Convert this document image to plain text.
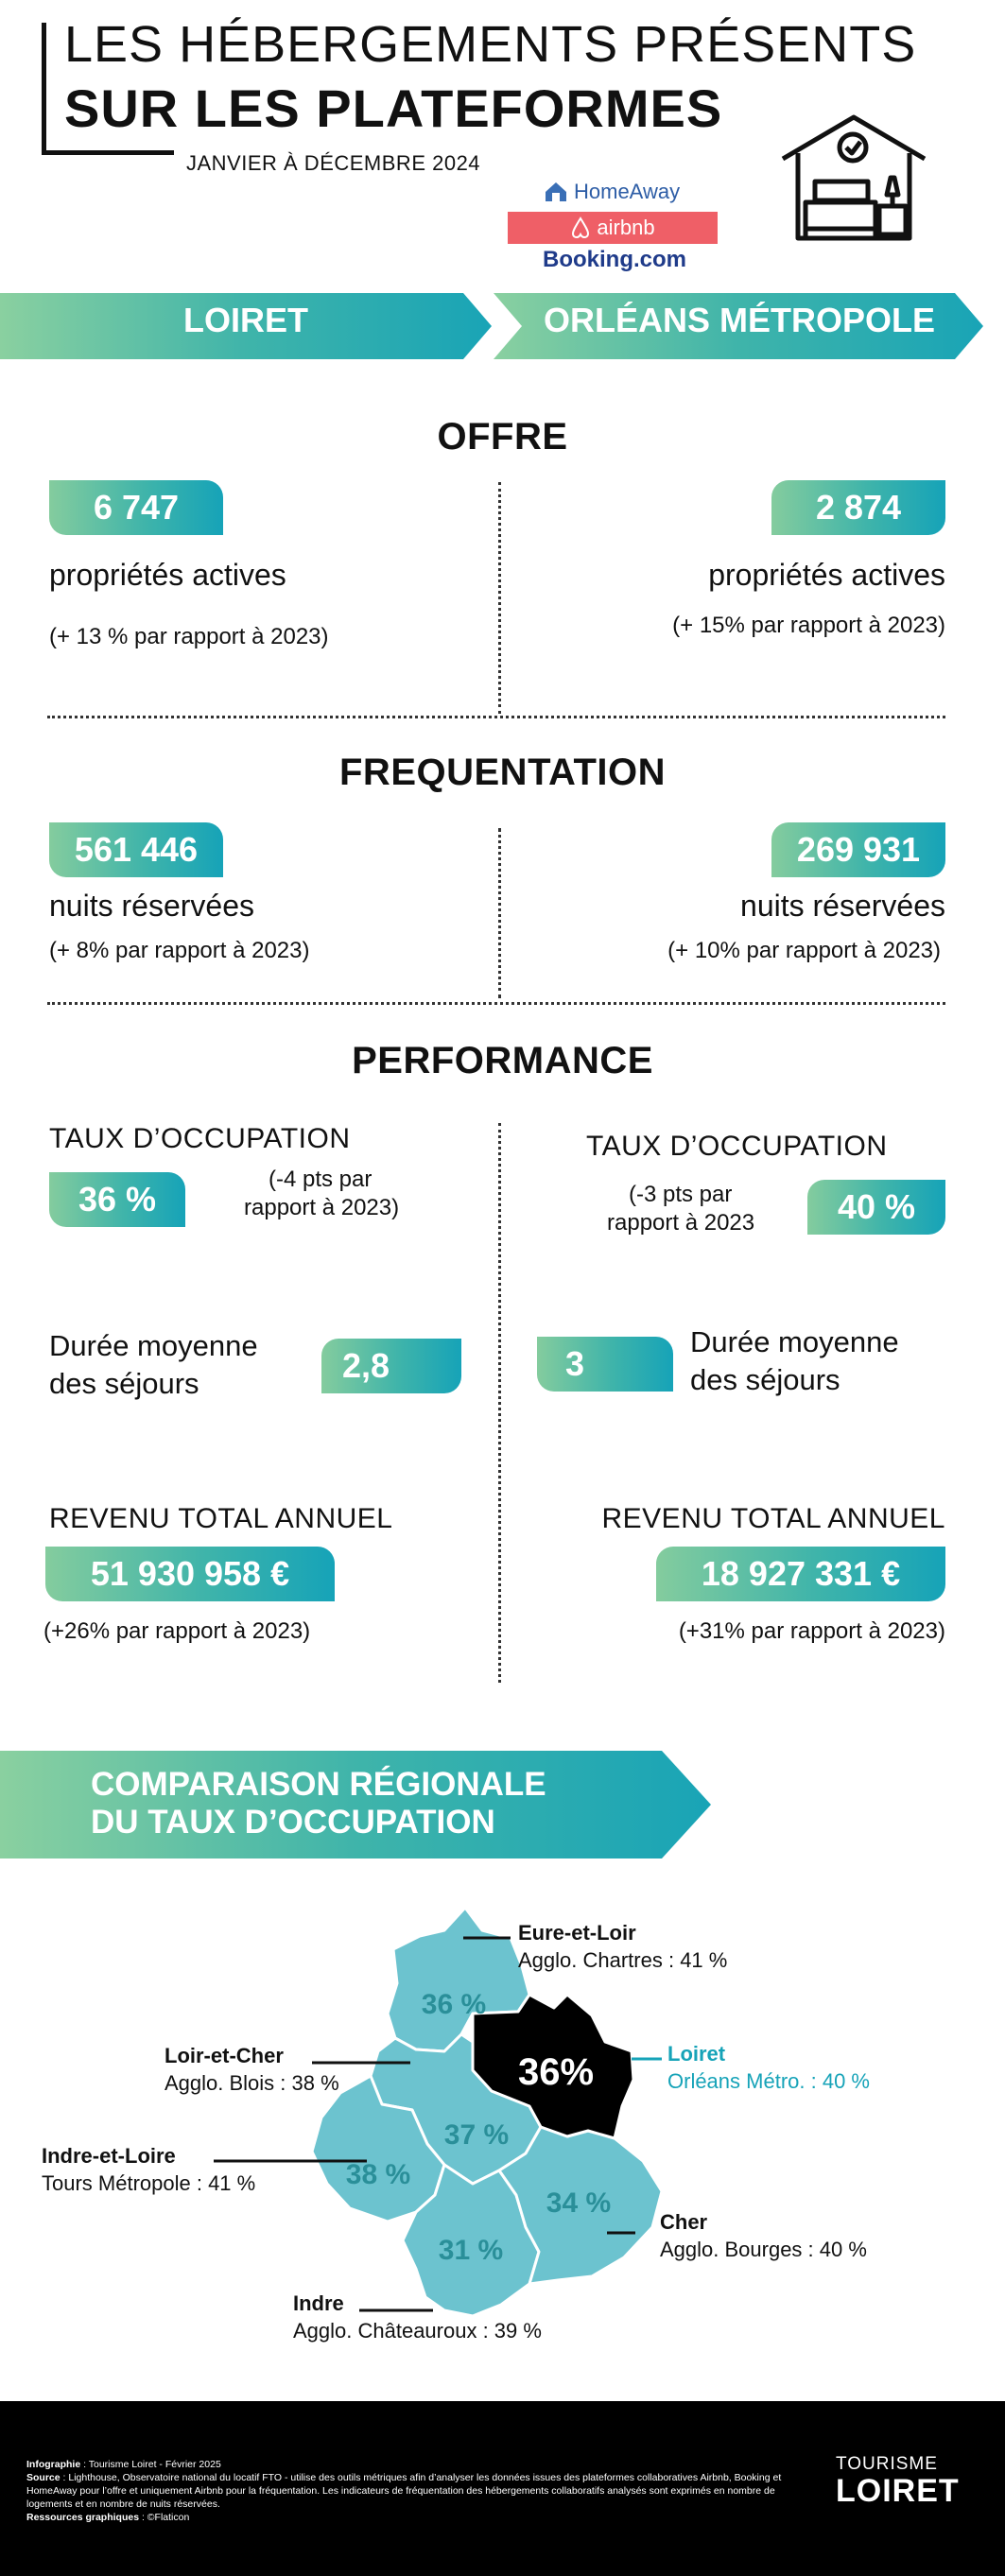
LES HÉBERGEMENTS PRÉSENTS
SUR LES PLATEFORMES
JANVIER À DÉCEMBRE 2024
HomeAway
airbnb
Booking.com
LOIRET	ORLÉANS MÉTROPOLE
OFFRE
6 747
propriétés actives
(+ 13 % par rapport à 2023)
2 874
propriétés actives
(+ 15% par rapport à 2023)
FREQUENTATION
561 446
nuits réservées
(+ 8% par rapport à 2023)
269 931
nuits réservées
(+ 10% par rapport à 2023)
PERFORMANCE
TAUX D’OCCUPATION
36 %
(-4 pts par
rapport à 2023)
Durée moyenne
des séjours	2,8
REVENU TOTAL ANNUEL
51 930 958 €
(+26% par rapport à 2023)
TAUX D’OCCUPATION
(-3 pts par
rapport à 2023	40 %
3
Durée moyenne
des séjours
REVENU TOTAL ANNUEL
18 927 331 €
(+31% par rapport à 2023)
COMPARAISON RÉGIONALE
DU TAUX D’OCCUPATION
36 %
37 %
36%
38 %
34 %
31 %
Eure-et-Loir
Agglo. Chartres : 41 %
Loir-et-Cher
Agglo. Blois : 38 %
Loiret
Orléans Métro. : 40 %
Indre-et-Loire
Tours Métropole : 41 %
Cher
Agglo. Bourges : 40 %
Indre
Agglo. Châteauroux : 39 %
Infographie : Tourisme Loiret - Février 2025
Source : Lighthouse, Observatoire national du locatif FTO - utilise des outils métriques afin d’analyser les données issues des plateformes collaboratives Airbnb, Booking et HomeAway pour l’offre et uniquement Airbnb pour la fréquentation. Les indicateurs de fréquentation des hébergements collaboratifs analysés sont exprimés en nombre de logements et en nombre de nuits réservées.
Ressources graphiques : ©Flaticon
TOURISME
LOIRET
